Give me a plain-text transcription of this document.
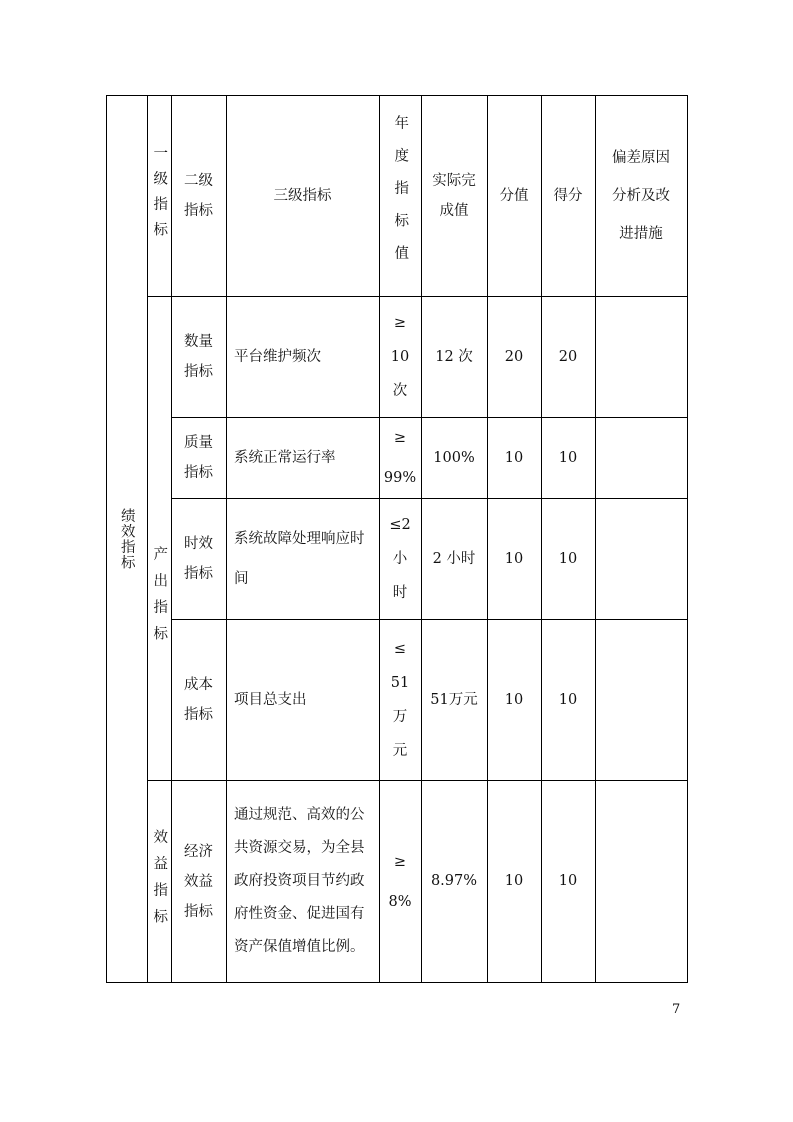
绩效指标
一级指标 二级
指标
三级指标	年度指标值 实际完
成值
分值 得分
偏差原因
分析及改
进措施
产出指标
效益指标
数量
指标
平台维护频次
≥
10
次
12 次 20 20
质量
指标
系统正常运行率
≥
99%
100% 10 10
时效
指标
系统故障处理响应时
间
≤2
小
时
2 小时 10 10
成本
指标
项目总支出
≤
51
万
元
51万元 10 10
经济
效益
指标
通过规范、高效的公
共资源交易，为全县
政府投资项目节约政
府性资金、促进国有
资产保值增值比例。
≥
8%
8.97% 10 10
7
